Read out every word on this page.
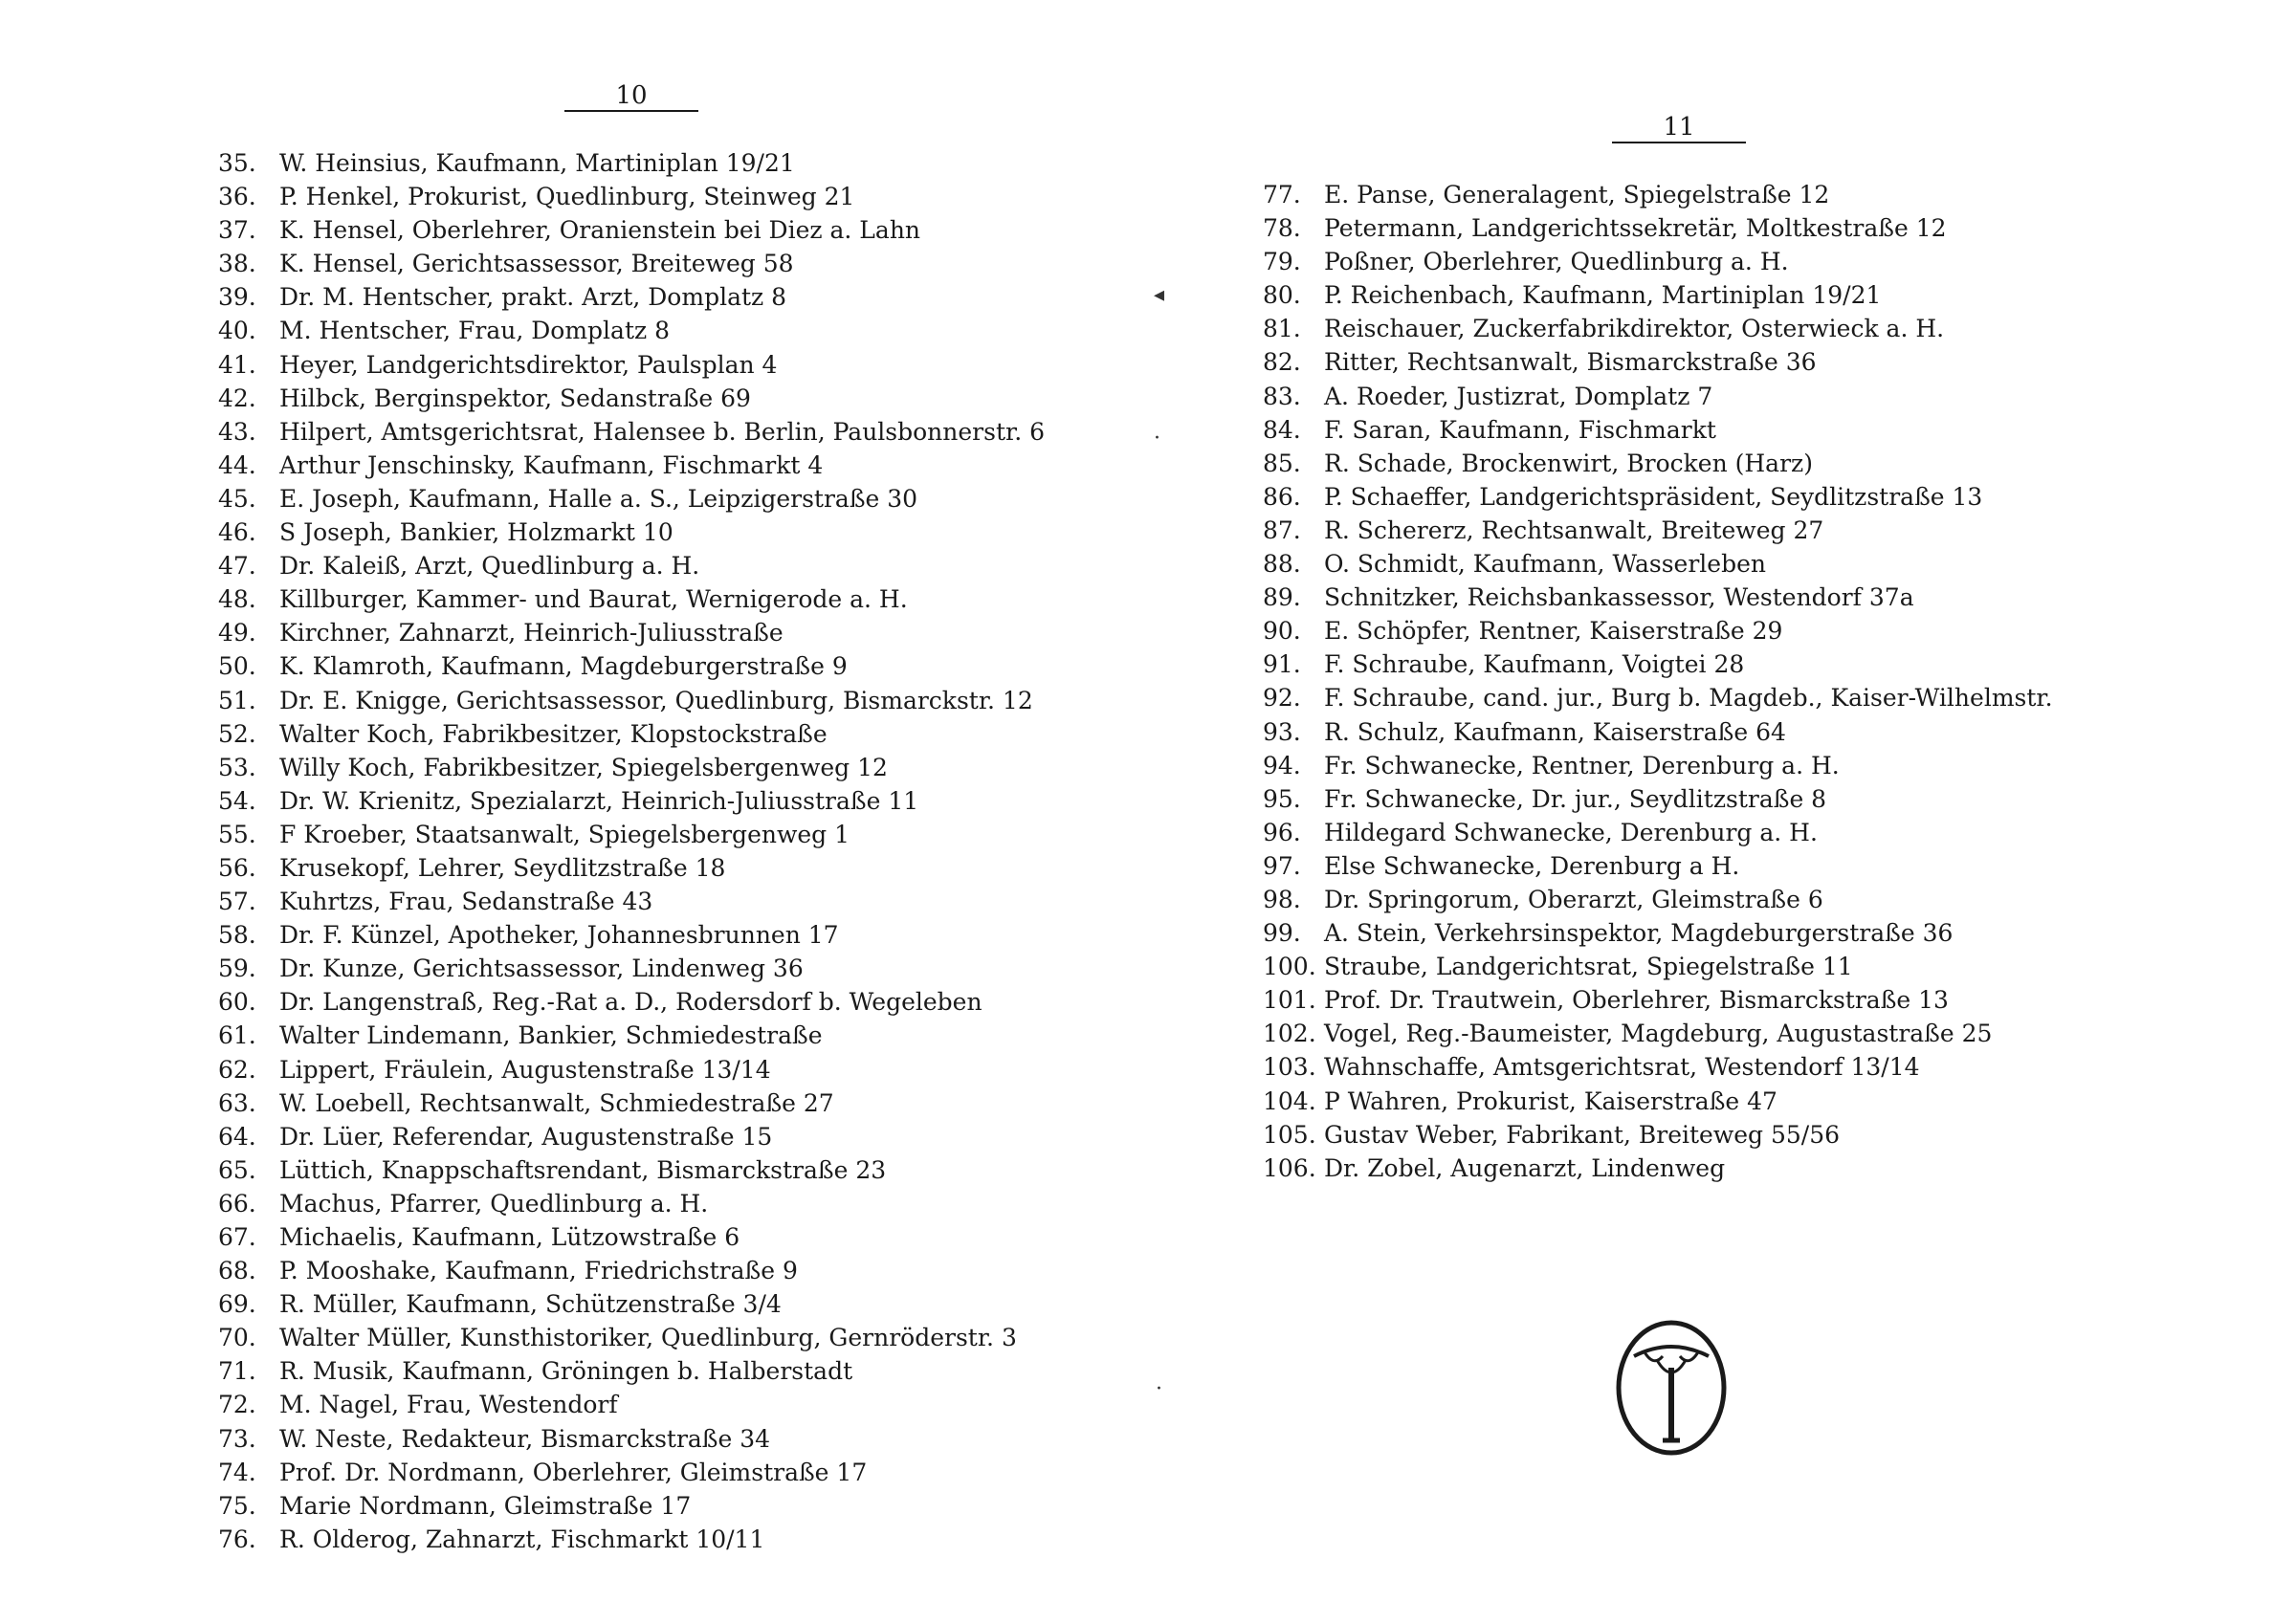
10
35. W. Heinsius, Kaufmann, Martiniplan 19/21
36. P. Henkel, Prokurist, Quedlinburg, Steinweg 21
37. K. Hensel, Oberlehrer, Oranienstein bei Diez a. Lahn
38. K. Hensel, Gerichtsassessor, Breiteweg 58
39. Dr. M. Hentscher, prakt. Arzt, Domplatz 8
40. M. Hentscher, Frau, Domplatz 8
41. Heyer, Landgerichtsdirektor, Paulsplan 4
42. Hilbck, Berginspektor, Sedanstraße 69
43. Hilpert, Amtsgerichtsrat, Halensee b. Berlin, Paulsbonnerstr. 6
44. Arthur Jenschinsky, Kaufmann, Fischmarkt 4
45. E. Joseph, Kaufmann, Halle a. S., Leipzigerstraße 30
46. S Joseph, Bankier, Holzmarkt 10
47. Dr. Kaleiß, Arzt, Quedlinburg a. H.
48. Killburger, Kammer- und Baurat, Wernigerode a. H.
49. Kirchner, Zahnarzt, Heinrich-Juliusstraße
50. K. Klamroth, Kaufmann, Magdeburgerstraße 9
51. Dr. E. Knigge, Gerichtsassessor, Quedlinburg, Bismarckstr. 12
52. Walter Koch, Fabrikbesitzer, Klopstockstraße
53. Willy Koch, Fabrikbesitzer, Spiegelsbergenweg 12
54. Dr. W. Krienitz, Spezialarzt, Heinrich-Juliusstraße 11
55. F Kroeber, Staatsanwalt, Spiegelsbergenweg 1
56. Krusekopf, Lehrer, Seydlitzstraße 18
57. Kuhrtzs, Frau, Sedanstraße 43
58. Dr. F. Künzel, Apotheker, Johannesbrunnen 17
59. Dr. Kunze, Gerichtsassessor, Lindenweg 36
60. Dr. Langenstraß, Reg.-Rat a. D., Rodersdorf b. Wegeleben
61. Walter Lindemann, Bankier, Schmiedestraße
62. Lippert, Fräulein, Augustenstraße 13/14
63. W. Loebell, Rechtsanwalt, Schmiedestraße 27
64. Dr. Lüer, Referendar, Augustenstraße 15
65. Lüttich, Knappschaftsrendant, Bismarckstraße 23
66. Machus, Pfarrer, Quedlinburg a. H.
67. Michaelis, Kaufmann, Lützowstraße 6
68. P. Mooshake, Kaufmann, Friedrichstraße 9
69. R. Müller, Kaufmann, Schützenstraße 3/4
70. Walter Müller, Kunsthistoriker, Quedlinburg, Gernröderstr. 3
71. R. Musik, Kaufmann, Gröningen b. Halberstadt
72. M. Nagel, Frau, Westendorf
73. W. Neste, Redakteur, Bismarckstraße 34
74. Prof. Dr. Nordmann, Oberlehrer, Gleimstraße 17
75. Marie Nordmann, Gleimstraße 17
76. R. Olderog, Zahnarzt, Fischmarkt 10/11
11
77. E. Panse, Generalagent, Spiegelstraße 12
78. Petermann, Landgerichtssekretär, Moltkestraße 12
79. Poßner, Oberlehrer, Quedlinburg a. H.
80. P. Reichenbach, Kaufmann, Martiniplan 19/21
81. Reischauer, Zuckerfabrikdirektor, Osterwieck a. H.
82. Ritter, Rechtsanwalt, Bismarckstraße 36
83. A. Roeder, Justizrat, Domplatz 7
84. F. Saran, Kaufmann, Fischmarkt
85. R. Schade, Brockenwirt, Brocken (Harz)
86. P. Schaeffer, Landgerichtspräsident, Seydlitzstraße 13
87. R. Schererz, Rechtsanwalt, Breiteweg 27
88. O. Schmidt, Kaufmann, Wasserleben
89. Schnitzker, Reichsbankassessor, Westendorf 37a
90. E. Schöpfer, Rentner, Kaiserstraße 29
91. F. Schraube, Kaufmann, Voigtei 28
92. F. Schraube, cand. jur., Burg b. Magdeb., Kaiser-Wilhelmstr.
93. R. Schulz, Kaufmann, Kaiserstraße 64
94. Fr. Schwanecke, Rentner, Derenburg a. H.
95. Fr. Schwanecke, Dr. jur., Seydlitzstraße 8
96. Hildegard Schwanecke, Derenburg a. H.
97. Else Schwanecke, Derenburg a H.
98. Dr. Springorum, Oberarzt, Gleimstraße 6
99. A. Stein, Verkehrsinspektor, Magdeburgerstraße 36
100. Straube, Landgerichtsrat, Spiegelstraße 11
101. Prof. Dr. Trautwein, Oberlehrer, Bismarckstraße 13
102. Vogel, Reg.-Baumeister, Magdeburg, Augustastraße 25
103. Wahnschaffe, Amtsgerichtsrat, Westendorf 13/14
104. P Wahren, Prokurist, Kaiserstraße 47
105. Gustav Weber, Fabrikant, Breiteweg 55/56
106. Dr. Zobel, Augenarzt, Lindenweg
◂
·
·
